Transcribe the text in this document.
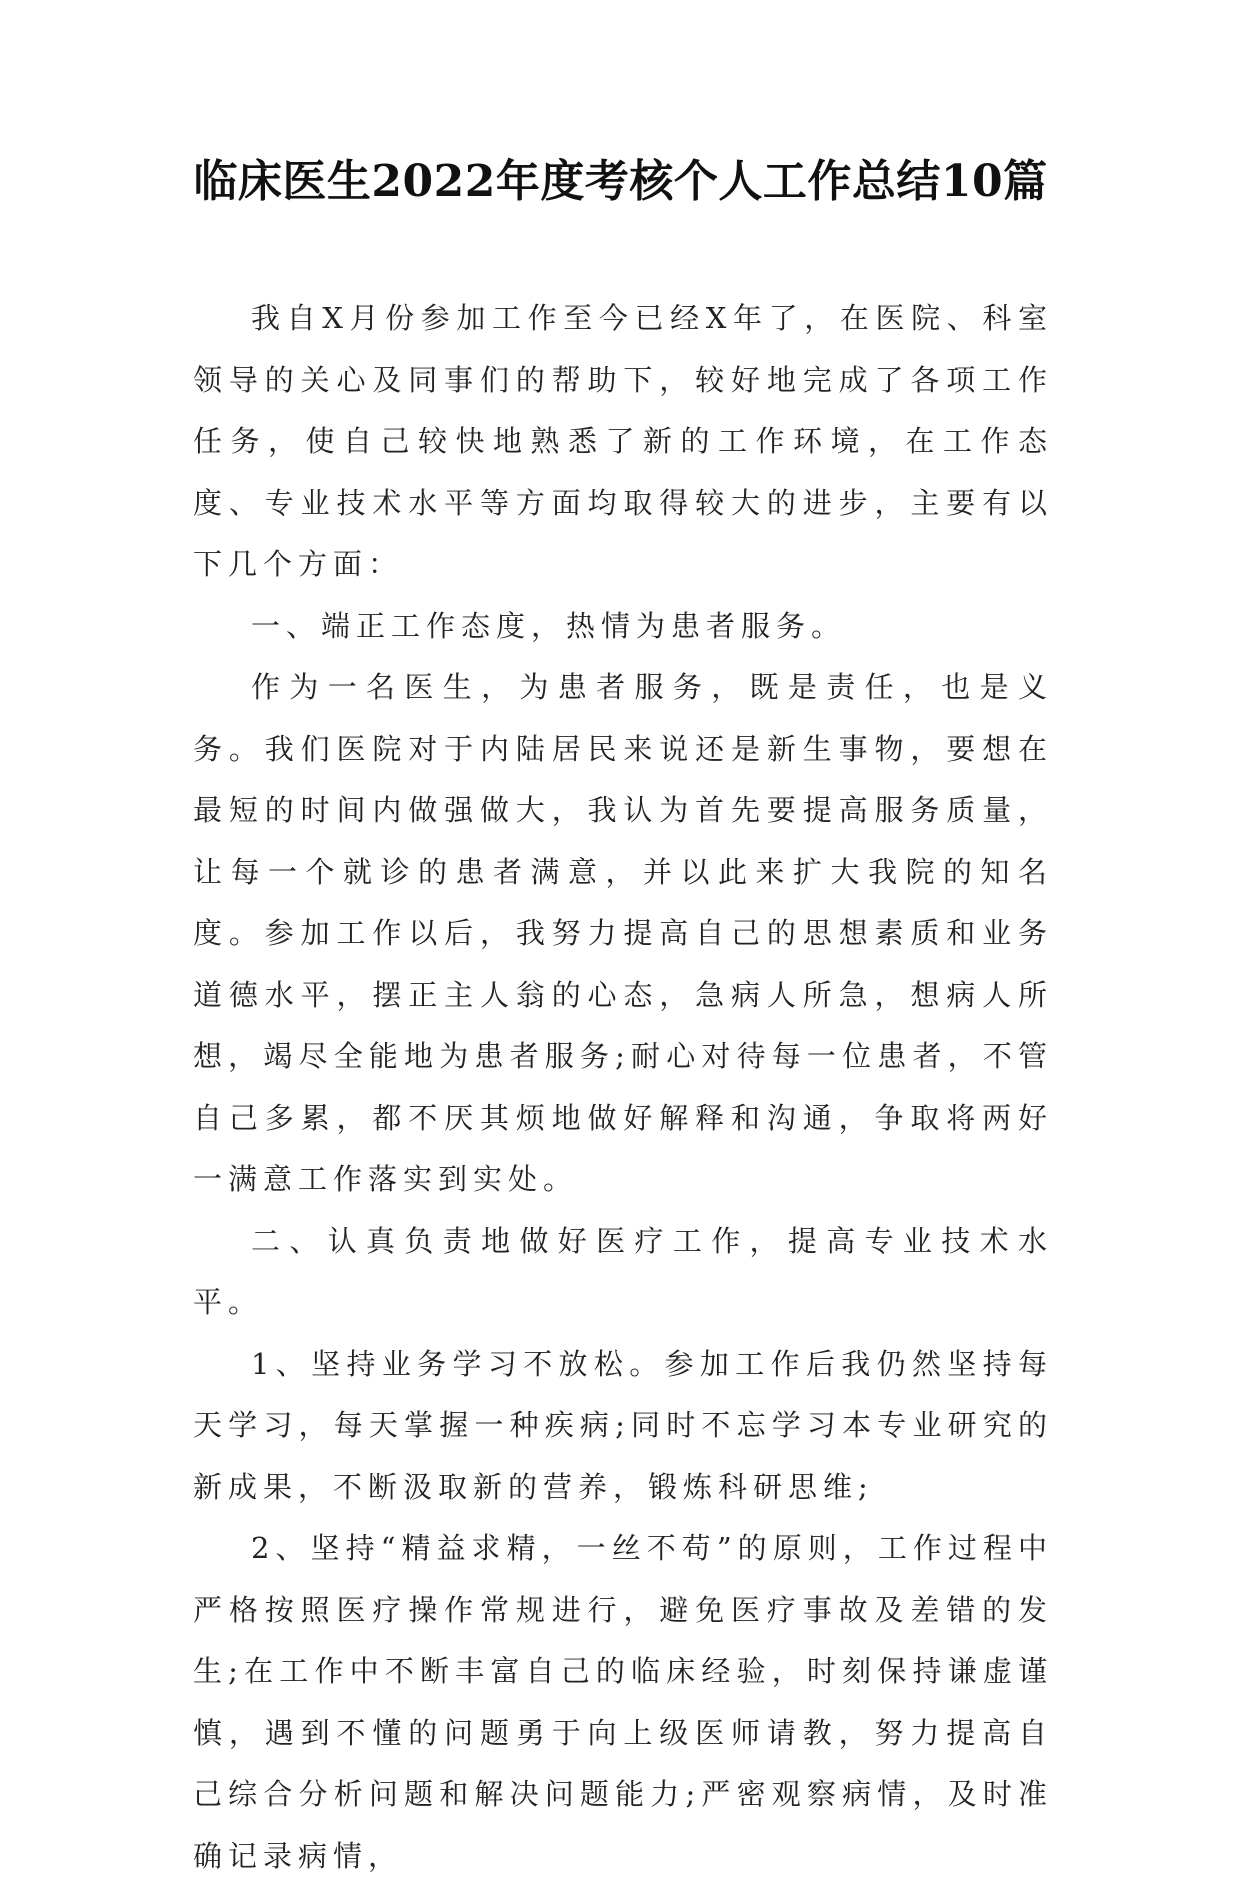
临床医生2022年度考核个人工作总结10篇

我自X月份参加工作至今已经X年了，在医院、科室领导的关心及同事们的帮助下，较好地完成了各项工作任务，使自己较快地熟悉了新的工作环境，在工作态度、专业技术水平等方面均取得较大的进步，主要有以下几个方面：

一、端正工作态度，热情为患者服务。

作为一名医生，为患者服务，既是责任，也是义务。我们医院对于内陆居民来说还是新生事物，要想在最短的时间内做强做大，我认为首先要提高服务质量，让每一个就诊的患者满意，并以此来扩大我院的知名度。参加工作以后，我努力提高自己的思想素质和业务道德水平，摆正主人翁的心态，急病人所急，想病人所想，竭尽全能地为患者服务;耐心对待每一位患者，不管自己多累，都不厌其烦地做好解释和沟通，争取将两好一满意工作落实到实处。

二、认真负责地做好医疗工作，提高专业技术水平。

1、坚持业务学习不放松。参加工作后我仍然坚持每天学习，每天掌握一种疾病;同时不忘学习本专业研究的新成果，不断汲取新的营养，锻炼科研思维;

2、坚持“精益求精，一丝不苟”的原则，工作过程中严格按照医疗操作常规进行，避免医疗事故及差错的发生;在工作中不断丰富自己的临床经验，时刻保持谦虚谨慎，遇到不懂的问题勇于向上级医师请教，努力提高自己综合分析问题和解决问题能力;严密观察病情，及时准确记录病情，
